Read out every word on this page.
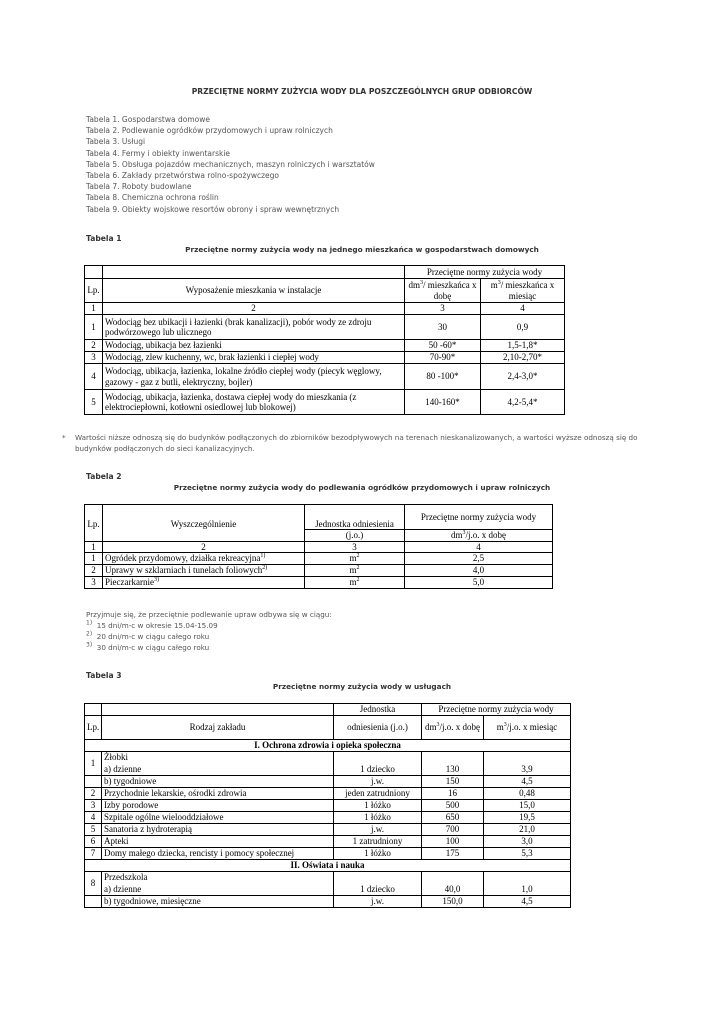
PRZECIĘTNE NORMY ZUŻYCIA WODY DLA POSZCZEGÓLNYCH GRUP ODBIORCÓW
Tabela 1. Gospodarstwa domowe
Tabela 2. Podlewanie ogródków przydomowych i upraw rolniczych
Tabela 3. Usługi
Tabela 4. Fermy i obiekty inwentarskie
Tabela 5. Obsługa pojazdów mechanicznych, maszyn rolniczych i warsztatów
Tabela 6. Zakłady przetwórstwa rolno-spożywczego
Tabela 7. Roboty budowlane
Tabela 8. Chemiczna ochrona roślin
Tabela 9. Obiekty wojskowe resortów obrony i spraw wewnętrznych
Tabela 1
Przeciętne normy zużycia wody na jednego mieszkańca w gospodarstwach domowych
		Przeciętne normy zużycia wody	
Lp.	Wyposażenie mieszkania w instalacje	$dm^3/$ mieszkańca x dobę	$m^3/$ mieszkańca x miesiąc
1	2	3	4
1	Wodociąg bez ubikacji i łazienki (brak kanalizacji), pobór wody ze zdroju podwórzowego lub ulicznego	30	0,9
2	Wodociąg, ubikacja bez łazienki	50 -60*	1,5-1,8*
3	Wodociąg, zlew kuchenny, wc, brak łazienki i ciepłej wody	70-90*	2,10-2,70*
4	Wodociąg, ubikacja, łazienka, lokalne źródło ciepłej wody (piecyk węglowy, gazowy - gaz z butli, elektryczny, bojler)	80 -100*	2,4-3,0*
5	Wodociąg, ubikacja, łazienka, dostawa ciepłej wody do mieszkania (z elektrociepłowni, kotłowni osiedlowej lub blokowej)	140-160*	4,2-5,4*
* Wartości niższe odnoszą się do budynków podłączonych do zbiorników bezodpływowych na terenach nieskanalizowanych, a wartości wyższe odnoszą się do budynków podłączonych do sieci kanalizacyjnych.
Tabela 2
Przeciętne normy zużycia wody do podlewania ogródków przydomowych i upraw rolniczych
Lp.	Wyszczególnienie	Jednostka odniesienia	Przeciętne normy zużycia wody
		(j.o.)	$dm^3/j.o$. x dobę
1	2	3	4
1	Ogródek przydomowy, działka rekreacyjna$^{1)}$	$m^2$	2,5
2	Uprawy w szklarniach i tunelach foliowych$^{2)}$	$m^2$	4,0
3	Pieczarkarnie$^{3)}$	$m^2$	5,0
Przyjmuje się, że przeciętnie podlewanie upraw odbywa się w ciągu:
$^{1)}$ 15 dni/m-c w okresie 15.04-15.09
$^{2)}$ 20 dni/m-c w ciągu całego roku
$^{3)}$ 30 dni/m-c w ciągu całego roku
Tabela 3
Przeciętne normy zużycia wody w usługach
		Jednostka	Przeciętne normy zużycia wody	
Lp.	Rodzaj zakładu	odniesienia (j.o.)	$dm^3/j.o$. x dobę	$m^3/j.o$. x miesiąc
I. Ochrona zdrowia i opieka społeczna				
1	Żłobki			
	a) dzienne	1 dziecko	130	3,9
	b) tygodniowe	j.w.	150	4,5
2	Przychodnie lekarskie, ośrodki zdrowia	jeden zatrudniony	16	0,48
3	Izby porodowe	1 łóżko	500	15,0
4	Szpitale ogólne wielooddziałowe	1 łóżko	650	19,5
5	Sanatoria z hydroterapią	j.w.	700	21,0
6	Apteki	1 zatrudniony	100	3,0
7	Domy małego dziecka, rencisty i pomocy społecznej	1 łóżko	175	5,3
II. Oświata i nauka				
8	Przedszkola			
	a) dzienne	1 dziecko	40,0	1,0
	b) tygodniowe, miesięczne	j.w.	150,0	4,5
